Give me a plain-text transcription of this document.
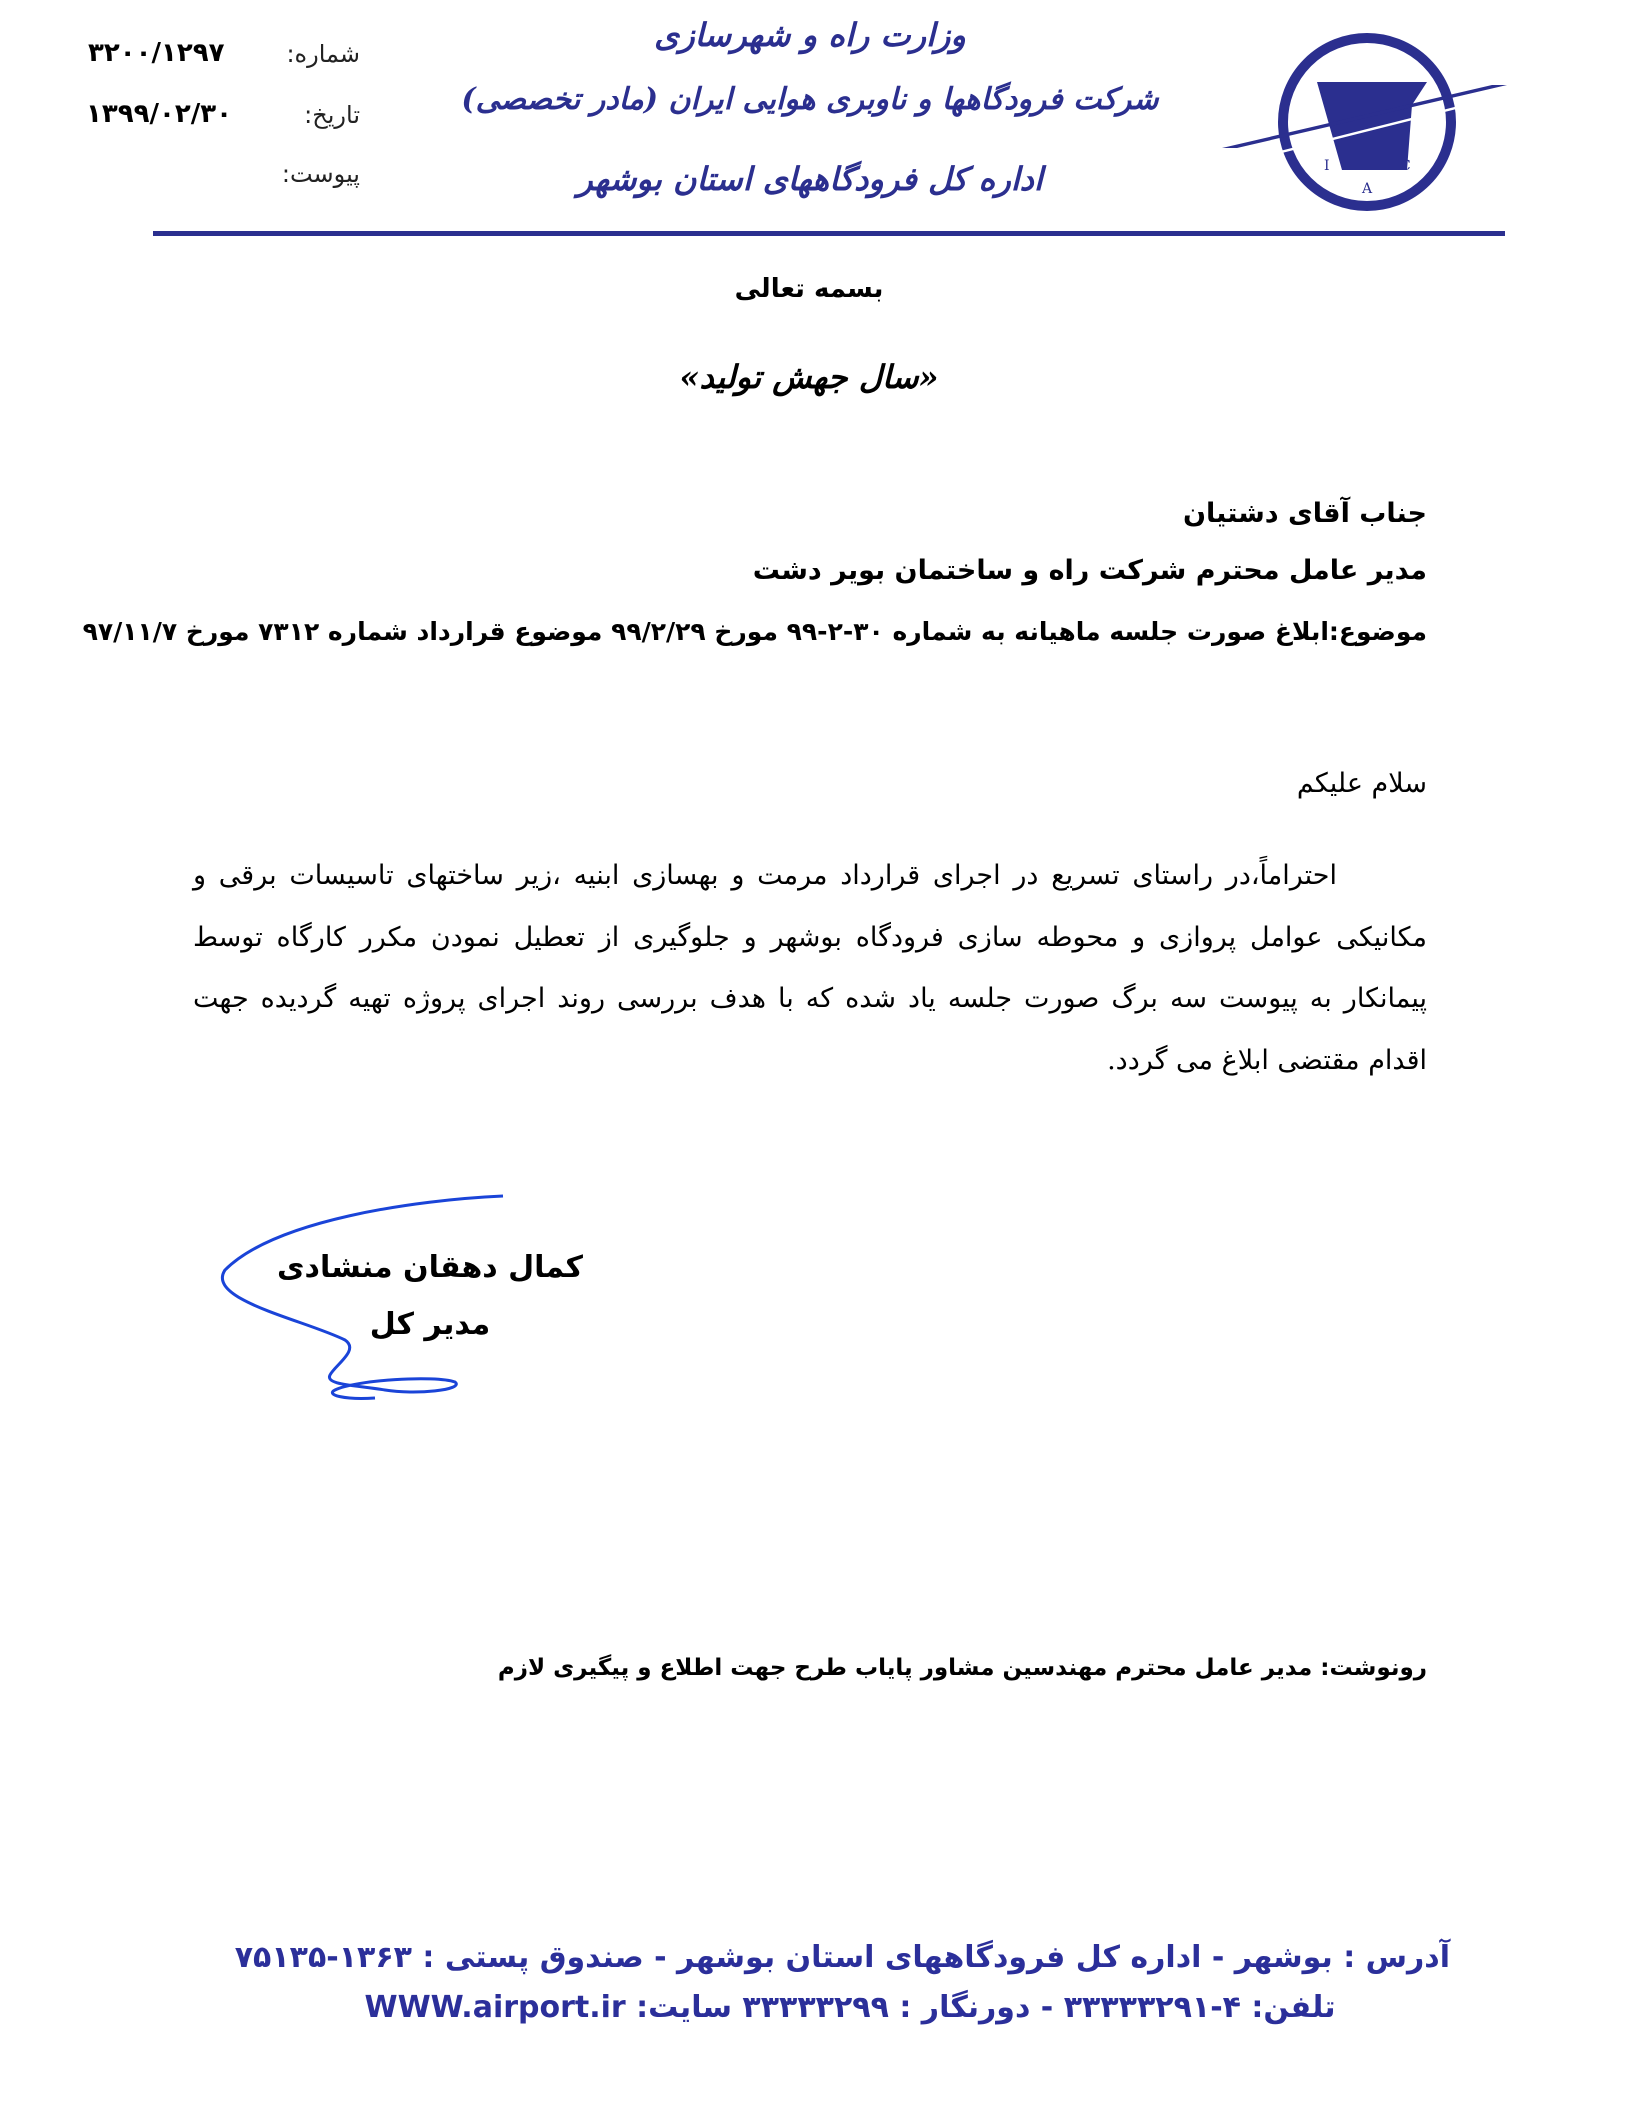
I	C
A
وزارت راه و شهرسازی
شرکت فرودگاهها و ناوبری هوایی ایران (مادر تخصصی)
اداره کل فرودگاههای استان بوشهر
شماره:
۳۲۰۰/۱۲۹۷
تاریخ:
۱۳۹۹/۰۲/۳۰
پیوست:
بسمه تعالی
«سال جهش تولید»
جناب آقای دشتیان
مدیر عامل محترم شرکت راه و ساختمان بویر دشت
موضوع:ابلاغ صورت جلسه ماهیانه به شماره ۳۰-۲-۹۹ مورخ ۹۹/۲/۲۹ موضوع قرارداد شماره ۷۳۱۲ مورخ ۹۷/۱۱/۷
سلام علیکم
احتراماً،در راستای تسریع در اجرای قرارداد مرمت و بهسازی ابنیه ،زیر ساختهای تاسیسات برقی و مکانیکی عوامل پروازی و محوطه سازی فرودگاه بوشهر و جلوگیری از تعطیل نمودن مکرر کارگاه توسط پیمانکار به پیوست سه برگ صورت جلسه یاد شده که با هدف بررسی روند اجرای پروژه تهیه گردیده جهت اقدام مقتضی ابلاغ می گردد.
کمال دهقان منشادی
مدیر کل
رونوشت: مدیر عامل محترم مهندسین مشاور پایاب طرح جهت اطلاع و پیگیری لازم
آدرس : بوشهر - اداره کل فرودگاههای استان بوشهر - صندوق پستی : ۱۳۶۳-۷۵۱۳۵
تلفن: ۴-۳۳۳۳۳۲۹۱ - دورنگار : ۳۳۳۳۳۲۹۹ سایت: WWW.airport.ir
